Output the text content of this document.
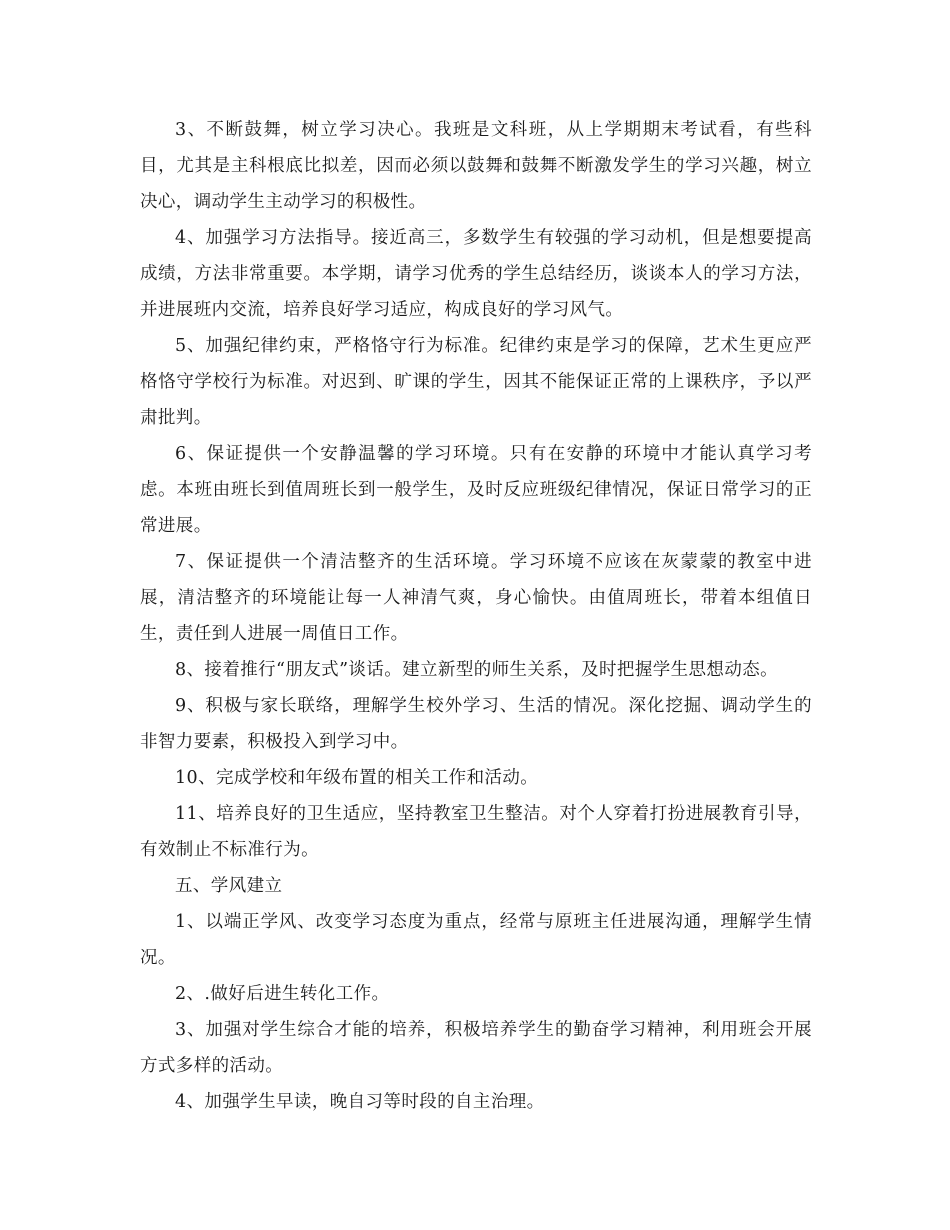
3、不断鼓舞，树立学习决心。我班是文科班，从上学期期末考试看，有些科目，尤其是主科根底比拟差，因而必须以鼓舞和鼓舞不断激发学生的学习兴趣，树立决心，调动学生主动学习的积极性。

4、加强学习方法指导。接近高三，多数学生有较强的学习动机，但是想要提高成绩，方法非常重要。本学期，请学习优秀的学生总结经历，谈谈本人的学习方法，并进展班内交流，培养良好学习适应，构成良好的学习风气。

5、加强纪律约束，严格恪守行为标准。纪律约束是学习的保障，艺术生更应严格恪守学校行为标准。对迟到、旷课的学生，因其不能保证正常的上课秩序，予以严肃批判。

6、保证提供一个安静温馨的学习环境。只有在安静的环境中才能认真学习考虑。本班由班长到值周班长到一般学生，及时反应班级纪律情况，保证日常学习的正常进展。

7、保证提供一个清洁整齐的生活环境。学习环境不应该在灰蒙蒙的教室中进展，清洁整齐的环境能让每一人神清气爽，身心愉快。由值周班长，带着本组值日生，责任到人进展一周值日工作。

8、接着推行“朋友式”谈话。建立新型的师生关系，及时把握学生思想动态。

9、积极与家长联络，理解学生校外学习、生活的情况。深化挖掘、调动学生的非智力要素，积极投入到学习中。

10、完成学校和年级布置的相关工作和活动。

11、培养良好的卫生适应，坚持教室卫生整洁。对个人穿着打扮进展教育引导，有效制止不标准行为。

五、学风建立

1、以端正学风、改变学习态度为重点，经常与原班主任进展沟通，理解学生情况。

2、.做好后进生转化工作。

3、加强对学生综合才能的培养，积极培养学生的勤奋学习精神，利用班会开展方式多样的活动。

4、加强学生早读，晚自习等时段的自主治理。
